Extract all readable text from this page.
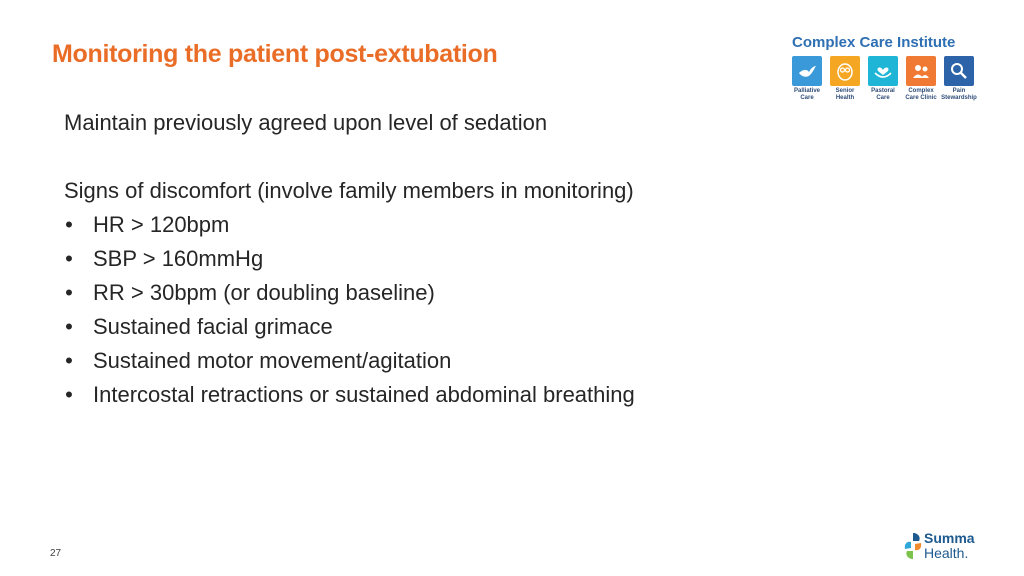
Monitoring the patient post-extubation

Maintain previously agreed upon level of sedation

Signs of discomfort (involve family members in monitoring)

• HR > 120bpm
• SBP > 160mmHg
• RR > 30bpm (or doubling baseline)
• Sustained facial grimace
• Sustained motor movement/agitation
• Intercostal retractions or sustained abdominal breathing
Complex Care Institute
Palliative
Care
Senior
Health
Pastoral
Care
Complex
Care Clinic
Pain
Stewardship
27
Summa
Health.
